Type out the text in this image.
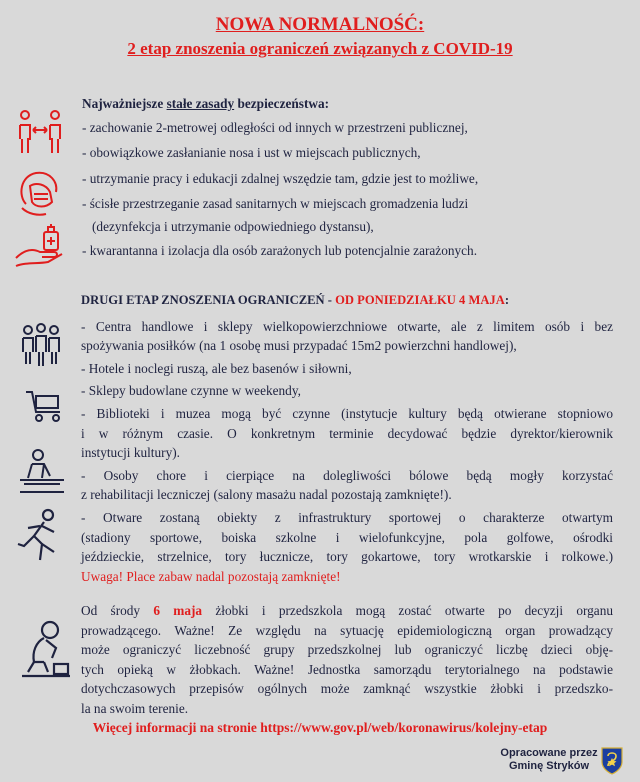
NOWA NORMALNOŚĆ:
2 etap znoszenia ograniczeń związanych z COVID-19
Najważniejsze stałe zasady bezpieczeństwa:
- zachowanie 2-metrowej odległości od innych w przestrzeni publicznej,
- obowiązkowe zasłanianie nosa i ust w miejscach publicznych,
- utrzymanie pracy i edukacji zdalnej wszędzie tam, gdzie jest to możliwe,
- ścisłe przestrzeganie zasad sanitarnych w miejscach gromadzenia ludzi
(dezynfekcja i utrzymanie odpowiedniego dystansu),
- kwarantanna i izolacja dla osób zarażonych lub potencjalnie zarażonych.
DRUGI ETAP ZNOSZENIA OGRANICZEŃ - OD PONIEDZIAŁKU 4 MAJA:
- Centra handlowe i sklepy wielkopowierzchniowe otwarte, ale z limitem osób i bez
spożywania posiłków (na 1 osobę musi przypadać 15m2 powierzchni handlowej),
- Hotele i noclegi ruszą, ale bez basenów i siłowni,
- Sklepy budowlane czynne w weekendy,
- Biblioteki i muzea mogą być czynne (instytucje kultury będą otwierane stopniowo
i w różnym czasie. O konkretnym terminie decydować będzie dyrektor/kierownik
instytucji kultury).
- Osoby chore i cierpiące na dolegliwości bólowe będą mogły korzystać
z rehabilitacji leczniczej (salony masażu nadal pozostają zamknięte!).
- Otware zostaną obiekty z infrastruktury sportowej o charakterze otwartym
(stadiony sportowe, boiska szkolne i wielofunkcyjne, pola golfowe, ośrodki
jeździeckie, strzelnice, tory łucznicze, tory gokartowe, tory wrotkarskie i rolkowe.)
Uwaga! Place zabaw nadal pozostają zamknięte!
Od środy 6 maja żłobki i przedszkola mogą zostać otwarte po decyzji organu
prowadzącego. Ważne! Ze względu na sytuację epidemiologiczną organ prowadzący
może ograniczyć liczebność grupy przedszkolnej lub ograniczyć liczbę dzieci obję-
tych opieką w żłobkach. Ważne! Jednostka samorządu terytorialnego na podstawie
dotychczasowych przepisów ogólnych może zamknąć wszystkie żłobki i przedszko-
la na swoim terenie.
Więcej informacji na stronie https://www.gov.pl/web/koronawirus/kolejny-etap
Opracowane przez
Gminę Stryków
